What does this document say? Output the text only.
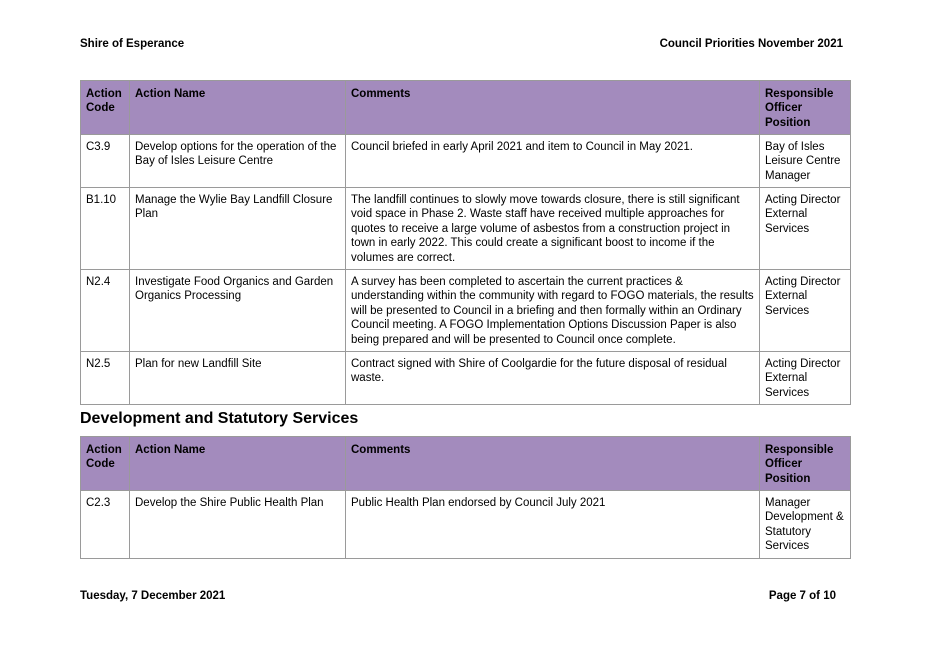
Shire of Esperance	Council Priorities November 2021
Action Code	Action Name	Comments	Responsible Officer Position
C3.9	Develop options for the operation of the Bay of Isles Leisure Centre	Council briefed in early April 2021 and item to Council in May 2021.	Bay of Isles Leisure Centre Manager
B1.10	Manage the Wylie Bay Landfill Closure Plan	The landfill continues to slowly move towards closure, there is still significant void space in Phase 2. Waste staff have received multiple approaches for quotes to receive a large volume of asbestos from a construction project in town in early 2022. This could create a significant boost to income if the volumes are correct.	Acting Director External Services
N2.4	Investigate Food Organics and Garden Organics Processing	A survey has been completed to ascertain the current practices & understanding within the community with regard to FOGO materials, the results will be presented to Council in a briefing and then formally within an Ordinary Council meeting. A FOGO Implementation Options Discussion Paper is also being prepared and will be presented to Council once complete.	Acting Director External Services
N2.5	Plan for new Landfill Site	Contract signed with Shire of Coolgardie for the future disposal of residual waste.	Acting Director External Services
Development and Statutory Services
Action Code	Action Name	Comments	Responsible Officer Position
C2.3	Develop the Shire Public Health Plan	Public Health Plan endorsed by Council July 2021	Manager Development & Statutory Services
Tuesday, 7 December 2021	Page 7 of 10
